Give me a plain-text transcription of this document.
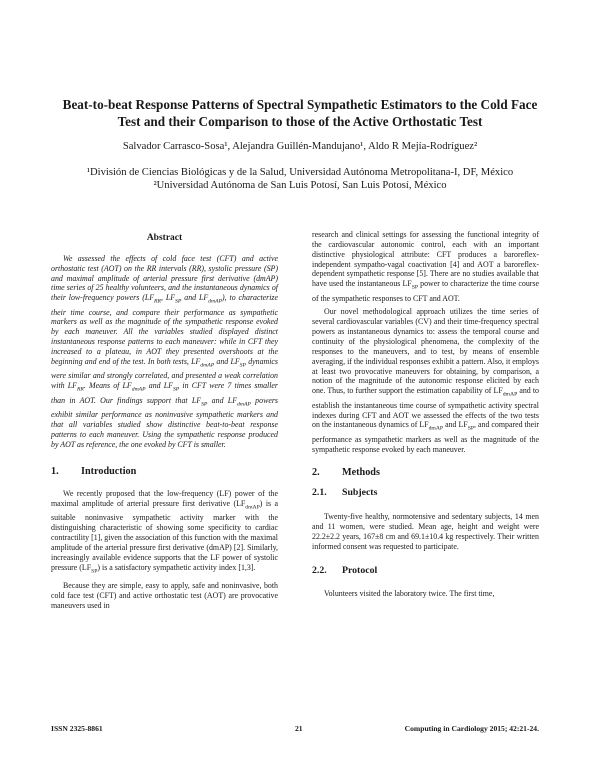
Beat-to-beat Response Patterns of Spectral Sympathetic Estimators to the Cold Face Test and their Comparison to those of the Active Orthostatic Test
Salvador Carrasco-Sosa¹, Alejandra Guillén-Mandujano¹, Aldo R Mejía-Rodríguez²
¹División de Ciencias Biológicas y de la Salud, Universidad Autónoma Metropolitana-I, DF, México
²Universidad Autónoma de San Luis Potosí, San Luis Potosí, México
Abstract

We assessed the effects of cold face test (CFT) and active orthostatic test (AOT) on the RR intervals (RR), systolic pressure (SP) and maximal amplitude of arterial pressure first derivative (dmAP) time series of 25 healthy volunteers, and the instantaneous dynamics of their low-frequency powers ($LF_{RR}$, $LF_{SP}$ and $LF_{dmAP}$), to characterize their time course, and compare their performance as sympathetic markers as well as the magnitude of the sympathetic response evoked by each maneuver. All the variables studied displayed distinct instantaneous response patterns to each maneuver: while in CFT they increased to a plateau, in AOT they presented overshoots at the beginning and end of the test. In both tests, $LF_{dmAP}$ and $LF_{SP}$ dynamics were similar and strongly correlated, and presented a weak correlation with $LF_{RR}$. Means of $LF_{dmAP}$ and $LF_{SP}$ in CFT were 7 times smaller than in AOT. Our findings support that $LF_{SP}$ and $LF_{dmAP}$ powers exhibit similar performance as noninvasive sympathetic markers and that all variables studied show distinctive beat-to-beat response patterns to each maneuver. Using the sympathetic response produced by AOT as reference, the one evoked by CFT is smaller.

1.	Introduction

We recently proposed that the low-frequency (LF) power of the maximal amplitude of arterial pressure first derivative $(LF_{dmAP})$ is a suitable noninvasive sympathetic activity marker with the distinguishing characteristic of showing some specificity to cardiac contractility [1], given the association of this function with the maximal amplitude of the arterial pressure first derivative (dmAP) [2]. Similarly, increasingly available evidence supports that the LF power of systolic pressure $(LF_{SP})$ is a satisfactory sympathetic activity index [1,3].

Because they are simple, easy to apply, safe and noninvasive, both cold face test (CFT) and active orthostatic test (AOT) are provocative maneuvers used in

research and clinical settings for assessing the functional integrity of the cardiovascular autonomic control, each with an important distinctive physiological attribute: CFT produces a baroreflex-independent sympatho-vagal coactivation [4] and AOT a baroreflex-dependent sympathetic response [5]. There are no studies available that have used the instantaneous $LF_{SP}$ power to characterize the time course of the sympathetic responses to CFT and AOT.

Our novel methodological approach utilizes the time series of several cardiovascular variables (CV) and their time-frequency spectral powers as instantaneous dynamics to: assess the temporal course and continuity of the physiological phenomena, the complexity of the responses to the maneuvers, and to test, by means of ensemble averaging, if the individual responses exhibit a pattern. Also, it employs at least two provocative maneuvers for obtaining, by comparison, a notion of the magnitude of the autonomic response elicited by each one. Thus, to further support the estimation capability of $LF_{dmAP}$ and to establish the instantaneous time course of sympathetic activity spectral indexes during CFT and AOT we assessed the effects of the two tests on the instantaneous dynamics of $LF_{dmAP}$ and $LF_{SP}$, and compared their performance as sympathetic markers as well as the magnitude of the sympathetic response evoked by each maneuver.

2.	Methods
2.1.	Subjects

Twenty-five healthy, normotensive and sedentary subjects, 14 men and 11 women, were studied. Mean age, height and weight were 22.2±2.2 years, 167±8 cm and 69.1±10.4 kg respectively. Their written informed consent was requested to participate.

2.2.	Protocol

Volunteers visited the laboratory twice. The first time,

ISSN 2325-8861	21	Computing in Cardiology 2015; 42:21-24.
